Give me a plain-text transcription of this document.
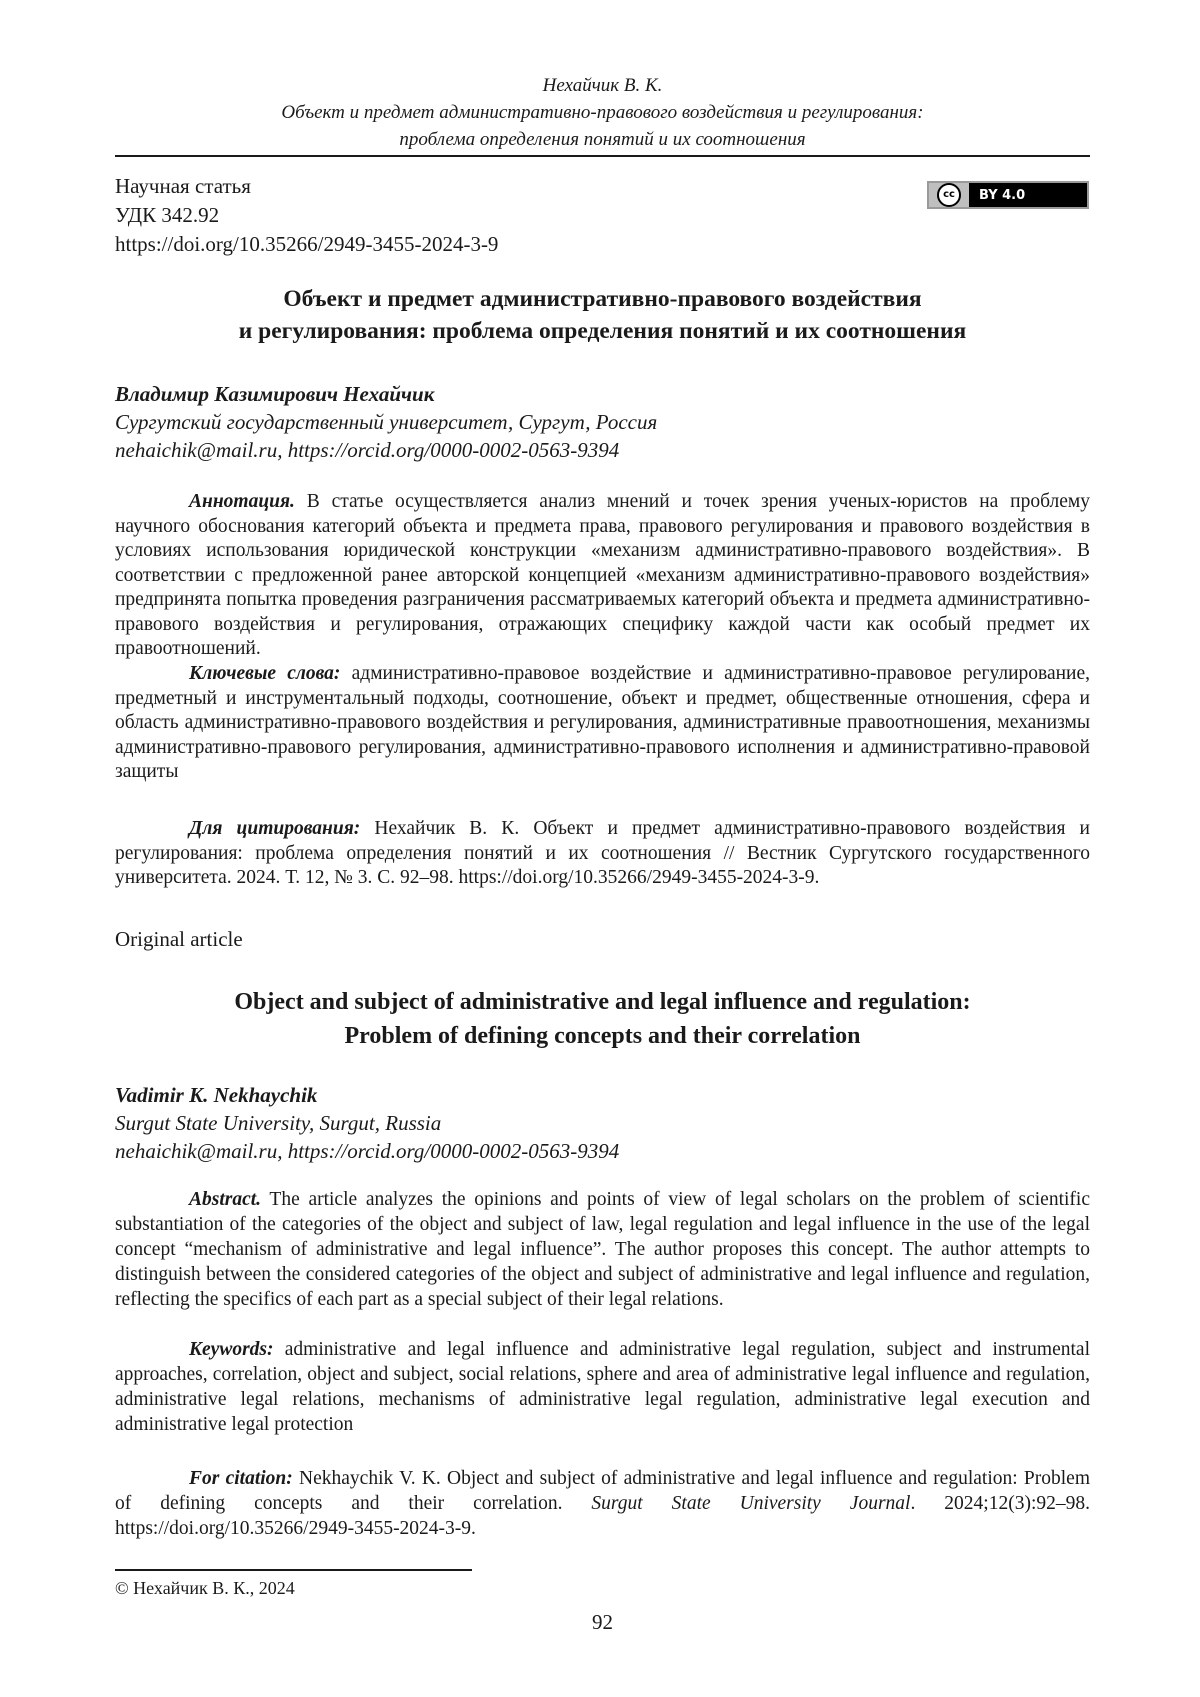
Нехайчик В. К.
Объект и предмет административно-правового воздействия и регулирования:
проблема определения понятий и их соотношения
Научная статья
УДК 342.92
https://doi.org/10.35266/2949-3455-2024-3-9
cc	BY 4.0
Объект и предмет административно-правового воздействия
и регулирования: проблема определения понятий и их соотношения
Владимир Казимирович Нехайчик
Сургутский государственный университет, Сургут, Россия
nehaichik@mail.ru, https://orcid.org/0000-0002-0563-9394

Аннотация. В статье осуществляется анализ мнений и точек зрения ученых-юристов на проблему научного обоснования категорий объекта и предмета права, правового регулирования и правового воздействия в условиях использования юридической конструкции «механизм административно-правового воздействия». В соответствии с предложенной ранее авторской концепцией «механизм административно-правового воздействия» предпринята попытка проведения разграничения рассматриваемых категорий объекта и предмета административно-правового воздействия и регулирования, отражающих специфику каждой части как особый предмет их правоотношений.

Ключевые слова: административно-правовое воздействие и административно-правовое регулирование, предметный и инструментальный подходы, соотношение, объект и предмет, общественные отношения, сфера и область административно-правового воздействия и регулирования, административные правоотношения, механизмы административно-правового регулирования, административно-правового исполнения и административно-правовой защиты

Для цитирования: Нехайчик В. К. Объект и предмет административно-правового воздействия и регулирования: проблема определения понятий и их соотношения // Вестник Сургутского государственного университета. 2024. Т. 12, № 3. С. 92–98. https://doi.org/10.35266/2949-3455-2024-3-9.

Original article
Object and subject of administrative and legal influence and regulation:
Problem of defining concepts and their correlation
Vadimir K. Nekhaychik
Surgut State University, Surgut, Russia
nehaichik@mail.ru, https://orcid.org/0000-0002-0563-9394

Abstract. The article analyzes the opinions and points of view of legal scholars on the problem of scientific substantiation of the categories of the object and subject of law, legal regulation and legal influence in the use of the legal concept “mechanism of administrative and legal influence”. The author proposes this concept. The author attempts to distinguish between the considered categories of the object and subject of administrative and legal influence and regulation, reflecting the specifics of each part as a special subject of their legal relations.

Keywords: administrative and legal influence and administrative legal regulation, subject and instrumental approaches, correlation, object and subject, social relations, sphere and area of administrative legal influence and regulation, administrative legal relations, mechanisms of administrative legal regulation, administrative legal execution and administrative legal protection

For citation: Nekhaychik V. K. Object and subject of administrative and legal influence and regulation: Problem of defining concepts and their correlation. Surgut State University Journal. 2024;12(3):92–98. https://doi.org/10.35266/2949-3455-2024-3-9.

© Нехайчик В. К., 2024
92
